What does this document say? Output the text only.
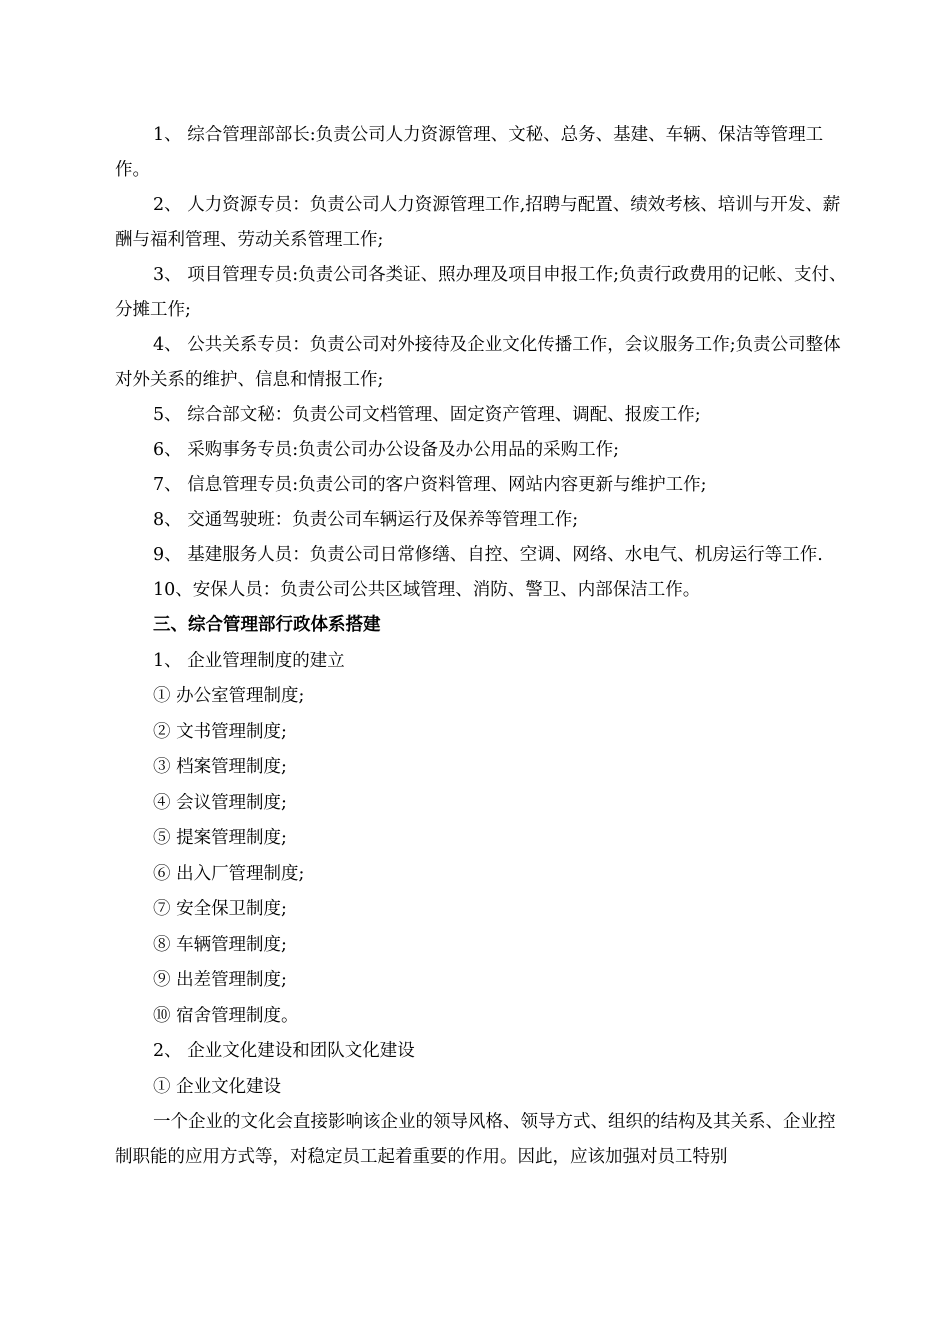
1、 综合管理部部长:负责公司人力资源管理、文秘、总务、基建、车辆、保洁等管理工作。

2、 人力资源专员：负责公司人力资源管理工作,招聘与配置、绩效考核、培训与开发、薪酬与福利管理、劳动关系管理工作;

3、 项目管理专员:负责公司各类证、照办理及项目申报工作;负责行政费用的记帐、支付、分摊工作;

4、 公共关系专员：负责公司对外接待及企业文化传播工作，会议服务工作;负责公司整体对外关系的维护、信息和情报工作;

5、 综合部文秘：负责公司文档管理、固定资产管理、调配、报废工作;

6、 采购事务专员:负责公司办公设备及办公用品的采购工作;

7、 信息管理专员:负责公司的客户资料管理、网站内容更新与维护工作;

8、 交通驾驶班：负责公司车辆运行及保养等管理工作;

9、 基建服务人员：负责公司日常修缮、自控、空调、网络、水电气、机房运行等工作.

10、安保人员：负责公司公共区域管理、消防、警卫、内部保洁工作。

三、综合管理部行政体系搭建

1、 企业管理制度的建立

① 办公室管理制度;

② 文书管理制度;

③ 档案管理制度;

④ 会议管理制度;

⑤ 提案管理制度;

⑥ 出入厂管理制度;

⑦ 安全保卫制度;

⑧ 车辆管理制度;

⑨ 出差管理制度;

⑩ 宿舍管理制度。

2、 企业文化建设和团队文化建设

① 企业文化建设

一个企业的文化会直接影响该企业的领导风格、领导方式、组织的结构及其关系、企业控制职能的应用方式等，对稳定员工起着重要的作用。因此，应该加强对员工特别
